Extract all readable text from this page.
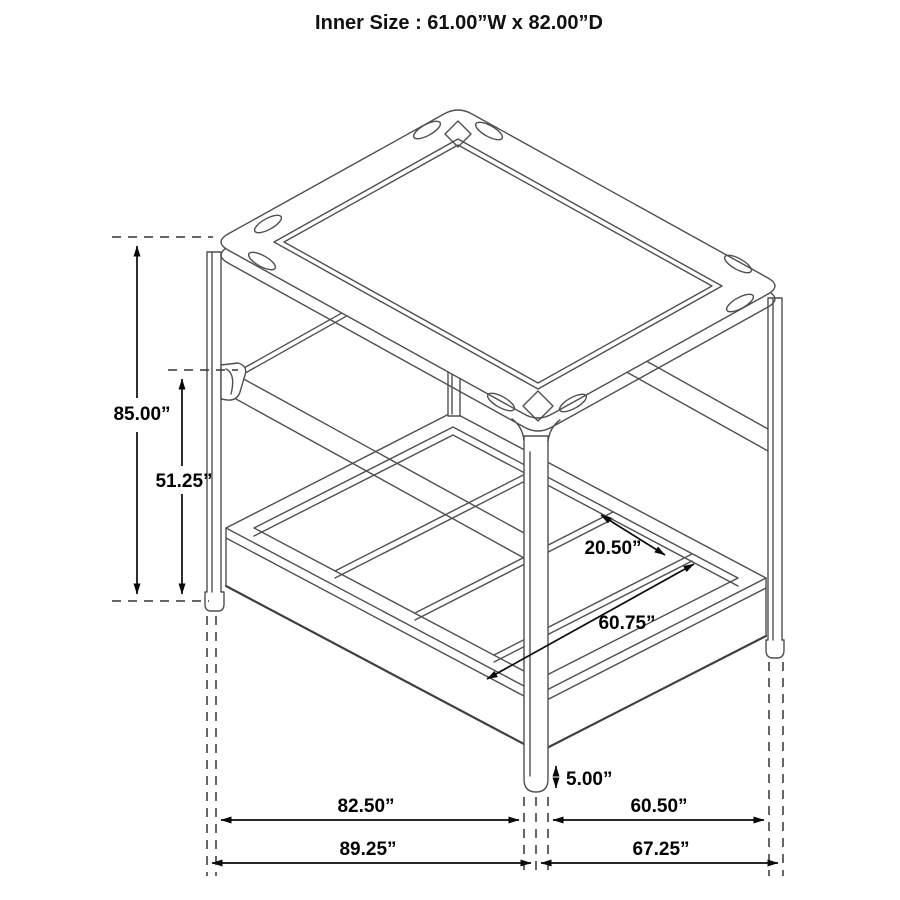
Inner Size : 61.00”W x 82.00”D
85.00”
51.25”
20.50”
60.75”
5.00”
82.50”	60.50”
89.25”	67.25”
